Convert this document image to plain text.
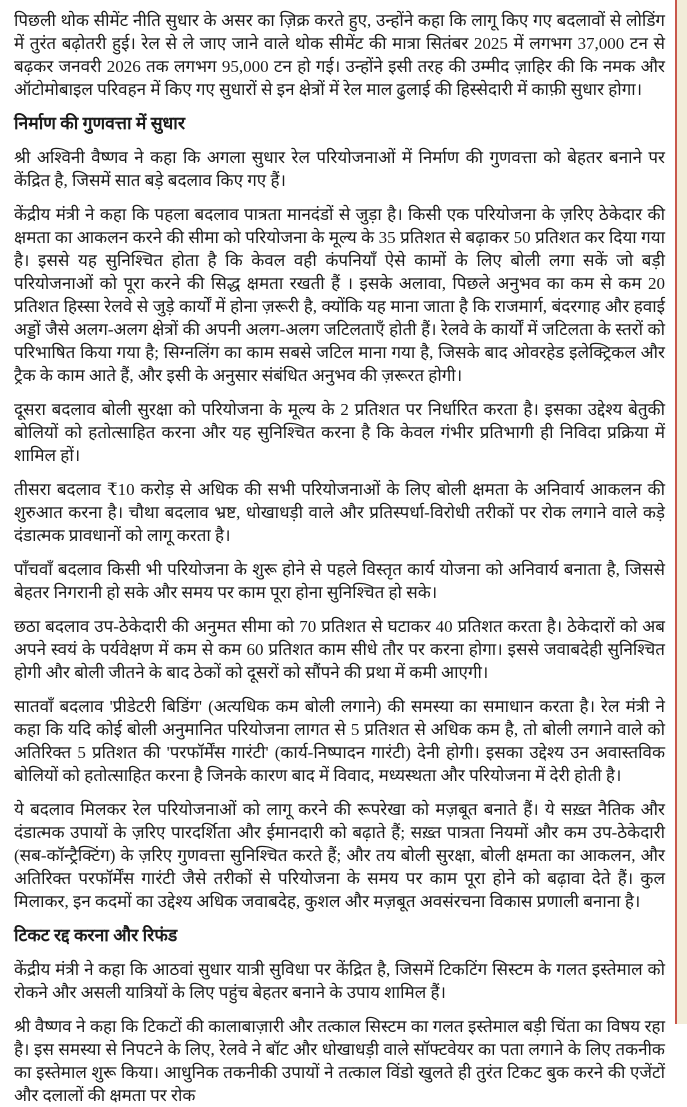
पिछली थोक सीमेंट नीति सुधार के असर का ज़िक्र करते हुए, उन्होंने कहा कि लागू किए गए बदलावों से लोडिंग में तुरंत बढ़ोतरी हुई। रेल से ले जाए जाने वाले थोक सीमेंट की मात्रा सितंबर 2025 में लगभग 37,000 टन से बढ़कर जनवरी 2026 तक लगभग 95,000 टन हो गई। उन्होंने इसी तरह की उम्मीद ज़ाहिर की कि नमक और ऑटोमोबाइल परिवहन में किए गए सुधारों से इन क्षेत्रों में रेल माल ढुलाई की हिस्सेदारी में काफ़ी सुधार होगा।

निर्माण की गुणवत्ता में सुधार

श्री अश्विनी वैष्णव ने कहा कि अगला सुधार रेल परियोजनाओं में निर्माण की गुणवत्ता को बेहतर बनाने पर केंद्रित है, जिसमें सात बड़े बदलाव किए गए हैं।

केंद्रीय मंत्री ने कहा कि पहला बदलाव पात्रता मानदंडों से जुड़ा है। किसी एक परियोजना के ज़रिए ठेकेदार की क्षमता का आकलन करने की सीमा को परियोजना के मूल्य के 35 प्रतिशत से बढ़ाकर 50 प्रतिशत कर दिया गया है। इससे यह सुनिश्चित होता है कि केवल वही कंपनियाँ ऐसे कामों के लिए बोली लगा सकें जो बड़ी परियोजनाओं को पूरा करने की सिद्ध क्षमता रखती हैं । इसके अलावा, पिछले अनुभव का कम से कम 20 प्रतिशत हिस्सा रेलवे से जुड़े कार्यों में होना ज़रूरी है, क्योंकि यह माना जाता है कि राजमार्ग, बंदरगाह और हवाई अड्डों जैसे अलग-अलग क्षेत्रों की अपनी अलग-अलग जटिलताएँ होती हैं। रेलवे के कार्यों में जटिलता के स्तरों को परिभाषित किया गया है; सिग्नलिंग का काम सबसे जटिल माना गया है, जिसके बाद ओवरहेड इलेक्ट्रिकल और ट्रैक के काम आते हैं, और इसी के अनुसार संबंधित अनुभव की ज़रूरत होगी।

दूसरा बदलाव बोली सुरक्षा को परियोजना के मूल्य के 2 प्रतिशत पर निर्धारित करता है। इसका उद्देश्य बेतुकी बोलियों को हतोत्साहित करना और यह सुनिश्चित करना है कि केवल गंभीर प्रतिभागी ही निविदा प्रक्रिया में शामिल हों।

तीसरा बदलाव ₹10 करोड़ से अधिक की सभी परियोजनाओं के लिए बोली क्षमता के अनिवार्य आकलन की शुरुआत करना है। चौथा बदलाव भ्रष्ट, धोखाधड़ी वाले और प्रतिस्पर्धा-विरोधी तरीकों पर रोक लगाने वाले कड़े दंडात्मक प्रावधानों को लागू करता है।

पाँचवाँ बदलाव किसी भी परियोजना के शुरू होने से पहले विस्तृत कार्य योजना को अनिवार्य बनाता है, जिससे बेहतर निगरानी हो सके और समय पर काम पूरा होना सुनिश्चित हो सके।

छठा बदलाव उप-ठेकेदारी की अनुमत सीमा को 70 प्रतिशत से घटाकर 40 प्रतिशत करता है। ठेकेदारों को अब अपने स्वयं के पर्यवेक्षण में कम से कम 60 प्रतिशत काम सीधे तौर पर करना होगा। इससे जवाबदेही सुनिश्चित होगी और बोली जीतने के बाद ठेकों को दूसरों को सौंपने की प्रथा में कमी आएगी।

सातवाँ बदलाव 'प्रीडेटरी बिडिंग' (अत्यधिक कम बोली लगाने) की समस्या का समाधान करता है। रेल मंत्री ने कहा कि यदि कोई बोली अनुमानित परियोजना लागत से 5 प्रतिशत से अधिक कम है, तो बोली लगाने वाले को अतिरिक्त 5 प्रतिशत की 'परफॉर्मेंस गारंटी' (कार्य-निष्पादन गारंटी) देनी होगी। इसका उद्देश्य उन अवास्तविक बोलियों को हतोत्साहित करना है जिनके कारण बाद में विवाद, मध्यस्थता और परियोजना में देरी होती है।

ये बदलाव मिलकर रेल परियोजनाओं को लागू करने की रूपरेखा को मज़बूत बनाते हैं। ये सख़्त नैतिक और दंडात्मक उपायों के ज़रिए पारदर्शिता और ईमानदारी को बढ़ाते हैं; सख़्त पात्रता नियमों और कम उप-ठेकेदारी (सब-कॉन्ट्रैक्टिंग) के ज़रिए गुणवत्ता सुनिश्चित करते हैं; और तय बोली सुरक्षा, बोली क्षमता का आकलन, और अतिरिक्त परफॉर्मेंस गारंटी जैसे तरीकों से परियोजना के समय पर काम पूरा होने को बढ़ावा देते हैं। कुल मिलाकर, इन कदमों का उद्देश्य अधिक जवाबदेह, कुशल और मज़बूत अवसंरचना विकास प्रणाली बनाना है।

टिकट रद्द करना और रिफंड

केंद्रीय मंत्री ने कहा कि आठवां सुधार यात्री सुविधा पर केंद्रित है, जिसमें टिकटिंग सिस्टम के गलत इस्तेमाल को रोकने और असली यात्रियों के लिए पहुंच बेहतर बनाने के उपाय शामिल हैं।

श्री वैष्णव ने कहा कि टिकटों की कालाबाज़ारी और तत्काल सिस्टम का गलत इस्तेमाल बड़ी चिंता का विषय रहा है। इस समस्या से निपटने के लिए, रेलवे ने बॉट और धोखाधड़ी वाले सॉफ्टवेयर का पता लगाने के लिए तकनीक का इस्तेमाल शुरू किया। आधुनिक तकनीकी उपायों ने तत्काल विंडो खुलते ही तुरंत टिकट बुक करने की एजेंटों और दलालों की क्षमता पर रोक
